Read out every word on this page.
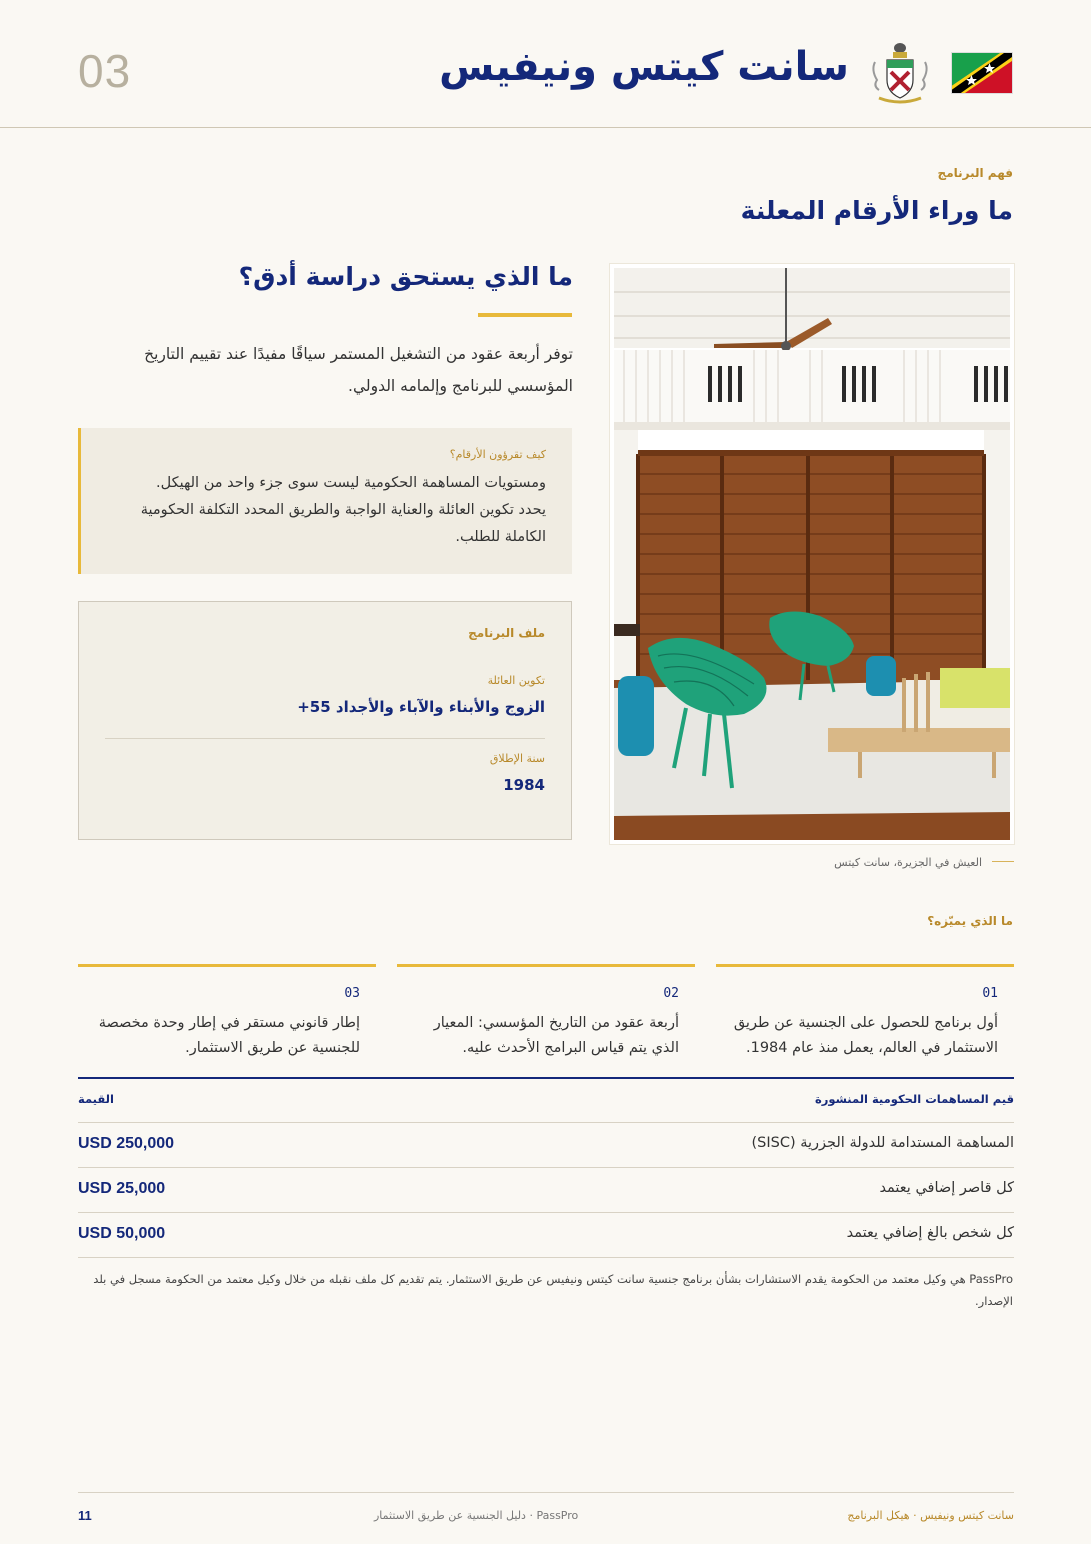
03	سانت كيتس ونيفيس
فهم البرنامج
ما وراء الأرقام المعلنة
ما الذي يستحق دراسة أدق؟
توفر أربعة عقود من التشغيل المستمر سياقًا مفيدًا عند تقييم التاريخ المؤسسي للبرنامج وإلمامه الدولي.
كيف تقرؤون الأرقام؟
ومستويات المساهمة الحكومية ليست سوى جزء واحد من الهيكل. يحدد تكوين العائلة والعناية الواجبة والطريق المحدد التكلفة الحكومية الكاملة للطلب.
ملف البرنامج
تكوين العائلة
الزوج والأبناء والآباء والأجداد 55+
سنة الإطلاق
1984
العيش في الجزيرة، سانت كيتس
ما الذي يميّزه؟
01
أول برنامج للحصول على الجنسية عن طريق الاستثمار في العالم، يعمل منذ عام 1984.
02
أربعة عقود من التاريخ المؤسسي: المعيار الذي يتم قياس البرامج الأحدث عليه.
03
إطار قانوني مستقر في إطار وحدة مخصصة للجنسية عن طريق الاستثمار.
قيم المساهمات الحكومية المنشورة
القيمة
المساهمة المستدامة للدولة الجزرية (SISC)
USD 250,000
كل قاصر إضافي يعتمد
USD 25,000
كل شخص بالغ إضافي يعتمد
USD 50,000
PassPro هي وكيل معتمد من الحكومة يقدم الاستشارات بشأن برنامج جنسية سانت كيتس ونيفيس عن طريق الاستثمار. يتم تقديم كل ملف نقبله من خلال وكيل معتمد من الحكومة مسجل في بلد الإصدار.
سانت كيتس ونيفيس · هيكل البرنامج
PassPro · دليل الجنسية عن طريق الاستثمار
11
